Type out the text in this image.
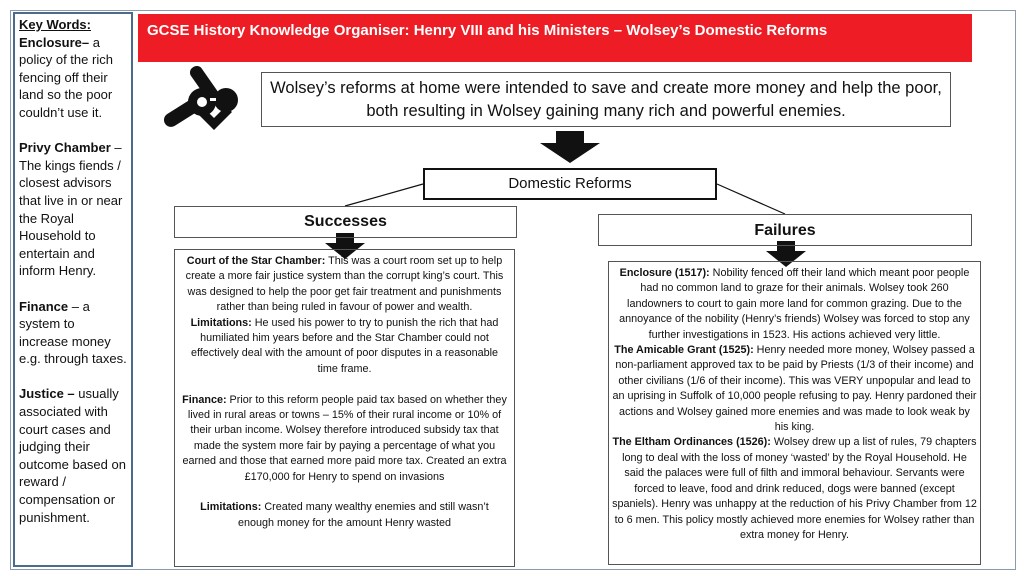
Key Words:

Enclosure– a policy of the rich fencing off their land so the poor couldn’t use it.

Privy Chamber – The kings fiends / closest advisors that live in or near the Royal Household to entertain and inform Henry.

Finance – a system to increase money e.g. through taxes.

Justice – usually associated with court cases and judging their outcome based on reward / compensation or punishment.

GCSE History Knowledge Organiser: Henry VIII and his Ministers – Wolsey’s Domestic Reforms
Wolsey’s reforms at home were intended to save and create more money and help the poor, both resulting in Wolsey gaining many rich and powerful enemies.
Domestic Reforms
Successes
Failures
Court of the Star Chamber: This was a court room set up to help create a more fair justice system than the corrupt king’s court. This was designed to help the poor get fair treatment and punishments rather than being ruled in favour of power and wealth.
Limitations: He used his power to try to punish the rich that had humiliated him years before and the Star Chamber could not effectively deal with the amount of poor disputes in a reasonable time frame.
Finance: Prior to this reform people paid tax based on whether they lived in rural areas or towns – 15% of their rural income or 10% of their urban income. Wolsey therefore introduced subsidy tax that made the system more fair by paying a percentage of what you earned and those that earned more paid more tax. Created an extra £170,000 for Henry to spend on invasions
Limitations: Created many wealthy enemies and still wasn’t enough money for the amount Henry wasted
Enclosure (1517): Nobility fenced off their land which meant poor people had no common land to graze for their animals. Wolsey took 260 landowners to court to gain more land for common grazing. Due to the annoyance of the nobility (Henry’s friends) Wolsey was forced to stop any further investigations in 1523. His actions achieved very little.
The Amicable Grant (1525): Henry needed more money, Wolsey passed a non-parliament approved tax to be paid by Priests (1/3 of their income) and other civilians (1/6 of their income). This was VERY unpopular and lead to an uprising in Suffolk of 10,000 people refusing to pay. Henry pardoned their actions and Wolsey gained more enemies and was made to look weak by his king.
The Eltham Ordinances (1526): Wolsey drew up a list of rules, 79 chapters long to deal with the loss of money ‘wasted’ by the Royal Household. He said the palaces were full of filth and immoral behaviour. Servants were forced to leave, food and drink reduced, dogs were banned (except spaniels). Henry was unhappy at the reduction of his Privy Chamber from 12 to 6 men. This policy mostly achieved more enemies for Wolsey rather than extra money for Henry.
